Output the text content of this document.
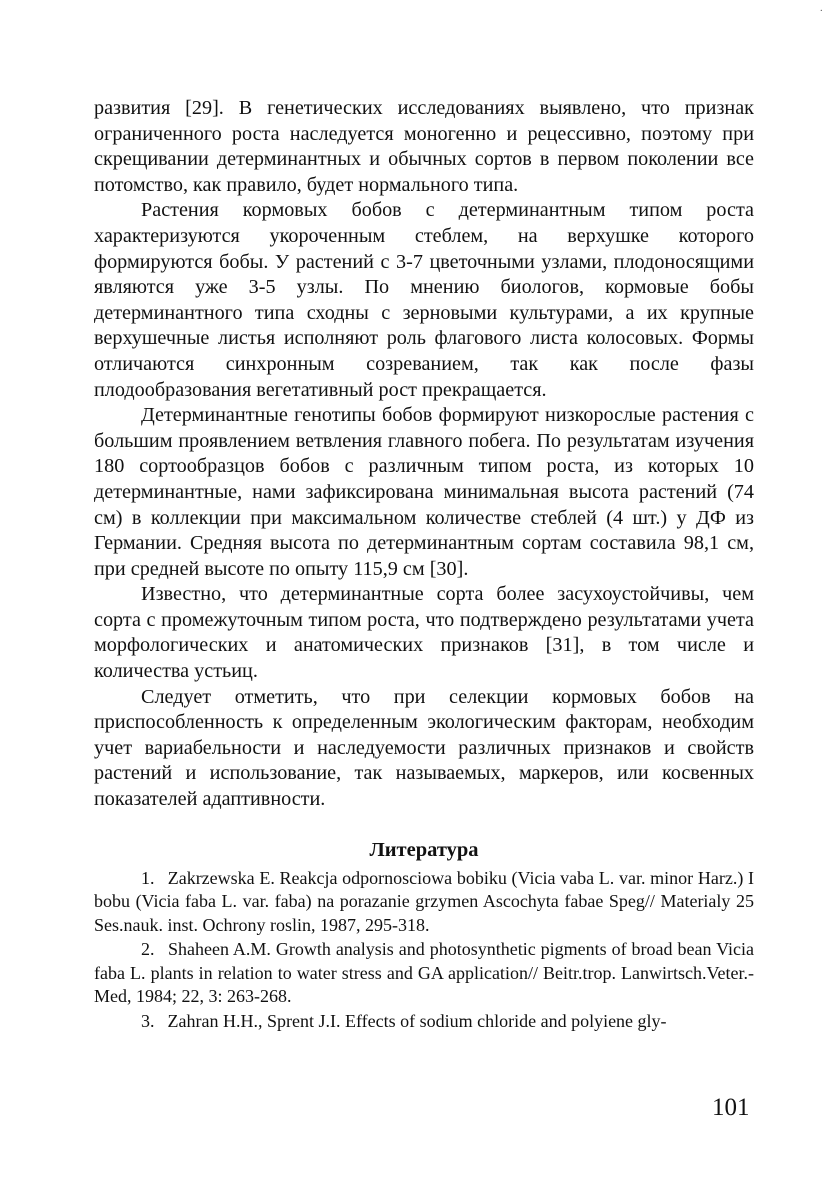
·

развития [29]. В генетических исследованиях выявлено, что признак ограниченного роста наследуется моногенно и рецессивно, поэтому при скрещивании детерминантных и обычных сортов в первом поколении все потомство, как правило, будет нормального типа.

Растения кормовых бобов с детерминантным типом роста характеризуются укороченным стеблем, на верхушке которого формируются бобы. У растений с 3-7 цветочными узлами, плодоносящими являются уже 3-5 узлы. По мнению биологов, кормовые бобы детерминантного типа сходны с зерновыми культурами, а их крупные верхушечные листья исполняют роль флагового листа колосовых. Формы отличаются синхронным созреванием, так как после фазы плодообразования вегетативный рост прекращается.

Детерминантные генотипы бобов формируют низкорослые растения с большим проявлением ветвления главного побега. По результатам изучения 180 сортообразцов бобов с различным типом роста, из которых 10 детерминантные, нами зафиксирована минимальная высота растений (74 см) в коллекции при максимальном количестве стеблей (4 шт.) у ДФ из Германии. Средняя высота по детерминантным сортам составила 98,1 см, при средней высоте по опыту 115,9 см [30].

Известно, что детерминантные сорта более засухоустойчивы, чем сорта с промежуточным типом роста, что подтверждено результатами учета морфологических и анатомических признаков [31], в том числе и количества устьиц.

Следует отметить, что при селекции кормовых бобов на приспособленность к определенным экологическим факторам, необходим учет вариабельности и наследуемости различных признаков и свойств растений и использование, так называемых, маркеров, или косвенных показателей адаптивности.

Литература
1. Zakrzewska E. Reakcja odpornosciowa bobiku (Vicia vaba L. var. minor Harz.) I bobu (Vicia faba L. var. faba) na porazanie grzymen Ascochyta fabae Speg// Materialy 25 Ses.nauk. inst. Ochrony roslin, 1987, 295-318.
2. Shaheen A.M. Growth analysis and photosynthetic pigments of broad bean Vicia faba L. plants in relation to water stress and GA application// Beitr.trop. Lanwirtsch.Veter.-Med, 1984; 22, 3: 263-268.
3. Zahran H.H., Sprent J.I. Effects of sodium chloride and polyiene gly-
101
